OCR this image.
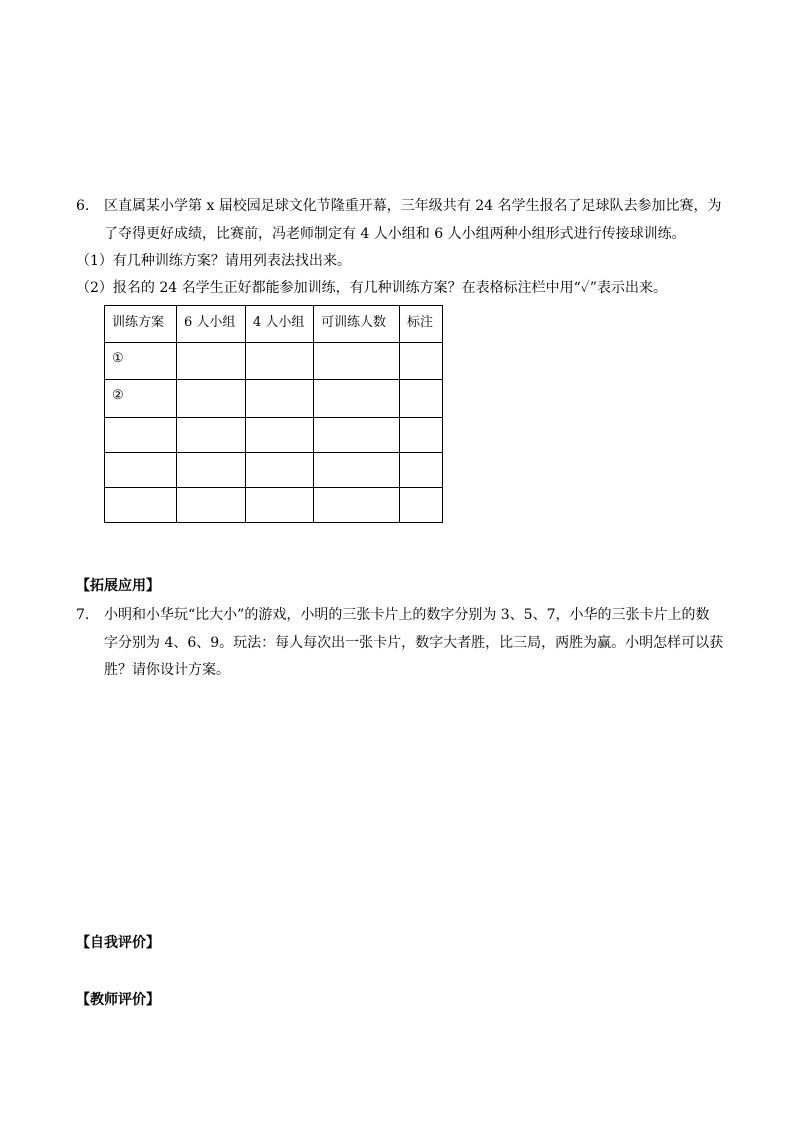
6. 区直属某小学第 x 届校园足球文化节隆重开幕，三年级共有 24 名学生报名了足球队去参加比赛，为
了夺得更好成绩，比赛前，冯老师制定有 4 人小组和 6 人小组两种小组形式进行传接球训练。
（1）有几种训练方案？请用列表法找出来。
（2）报名的 24 名学生正好都能参加训练，有几种训练方案？在表格标注栏中用“✓”表示出来。
训练方案	6 人小组	4 人小组	可训练人数	标注
①				
②				

【拓展应用】
7. 小明和小华玩“比大小”的游戏，小明的三张卡片上的数字分别为 3、5、7，小华的三张卡片上的数
字分别为 4、6、9。玩法：每人每次出一张卡片，数字大者胜，比三局，两胜为赢。小明怎样可以获
胜？请你设计方案。
【自我评价】
【教师评价】
